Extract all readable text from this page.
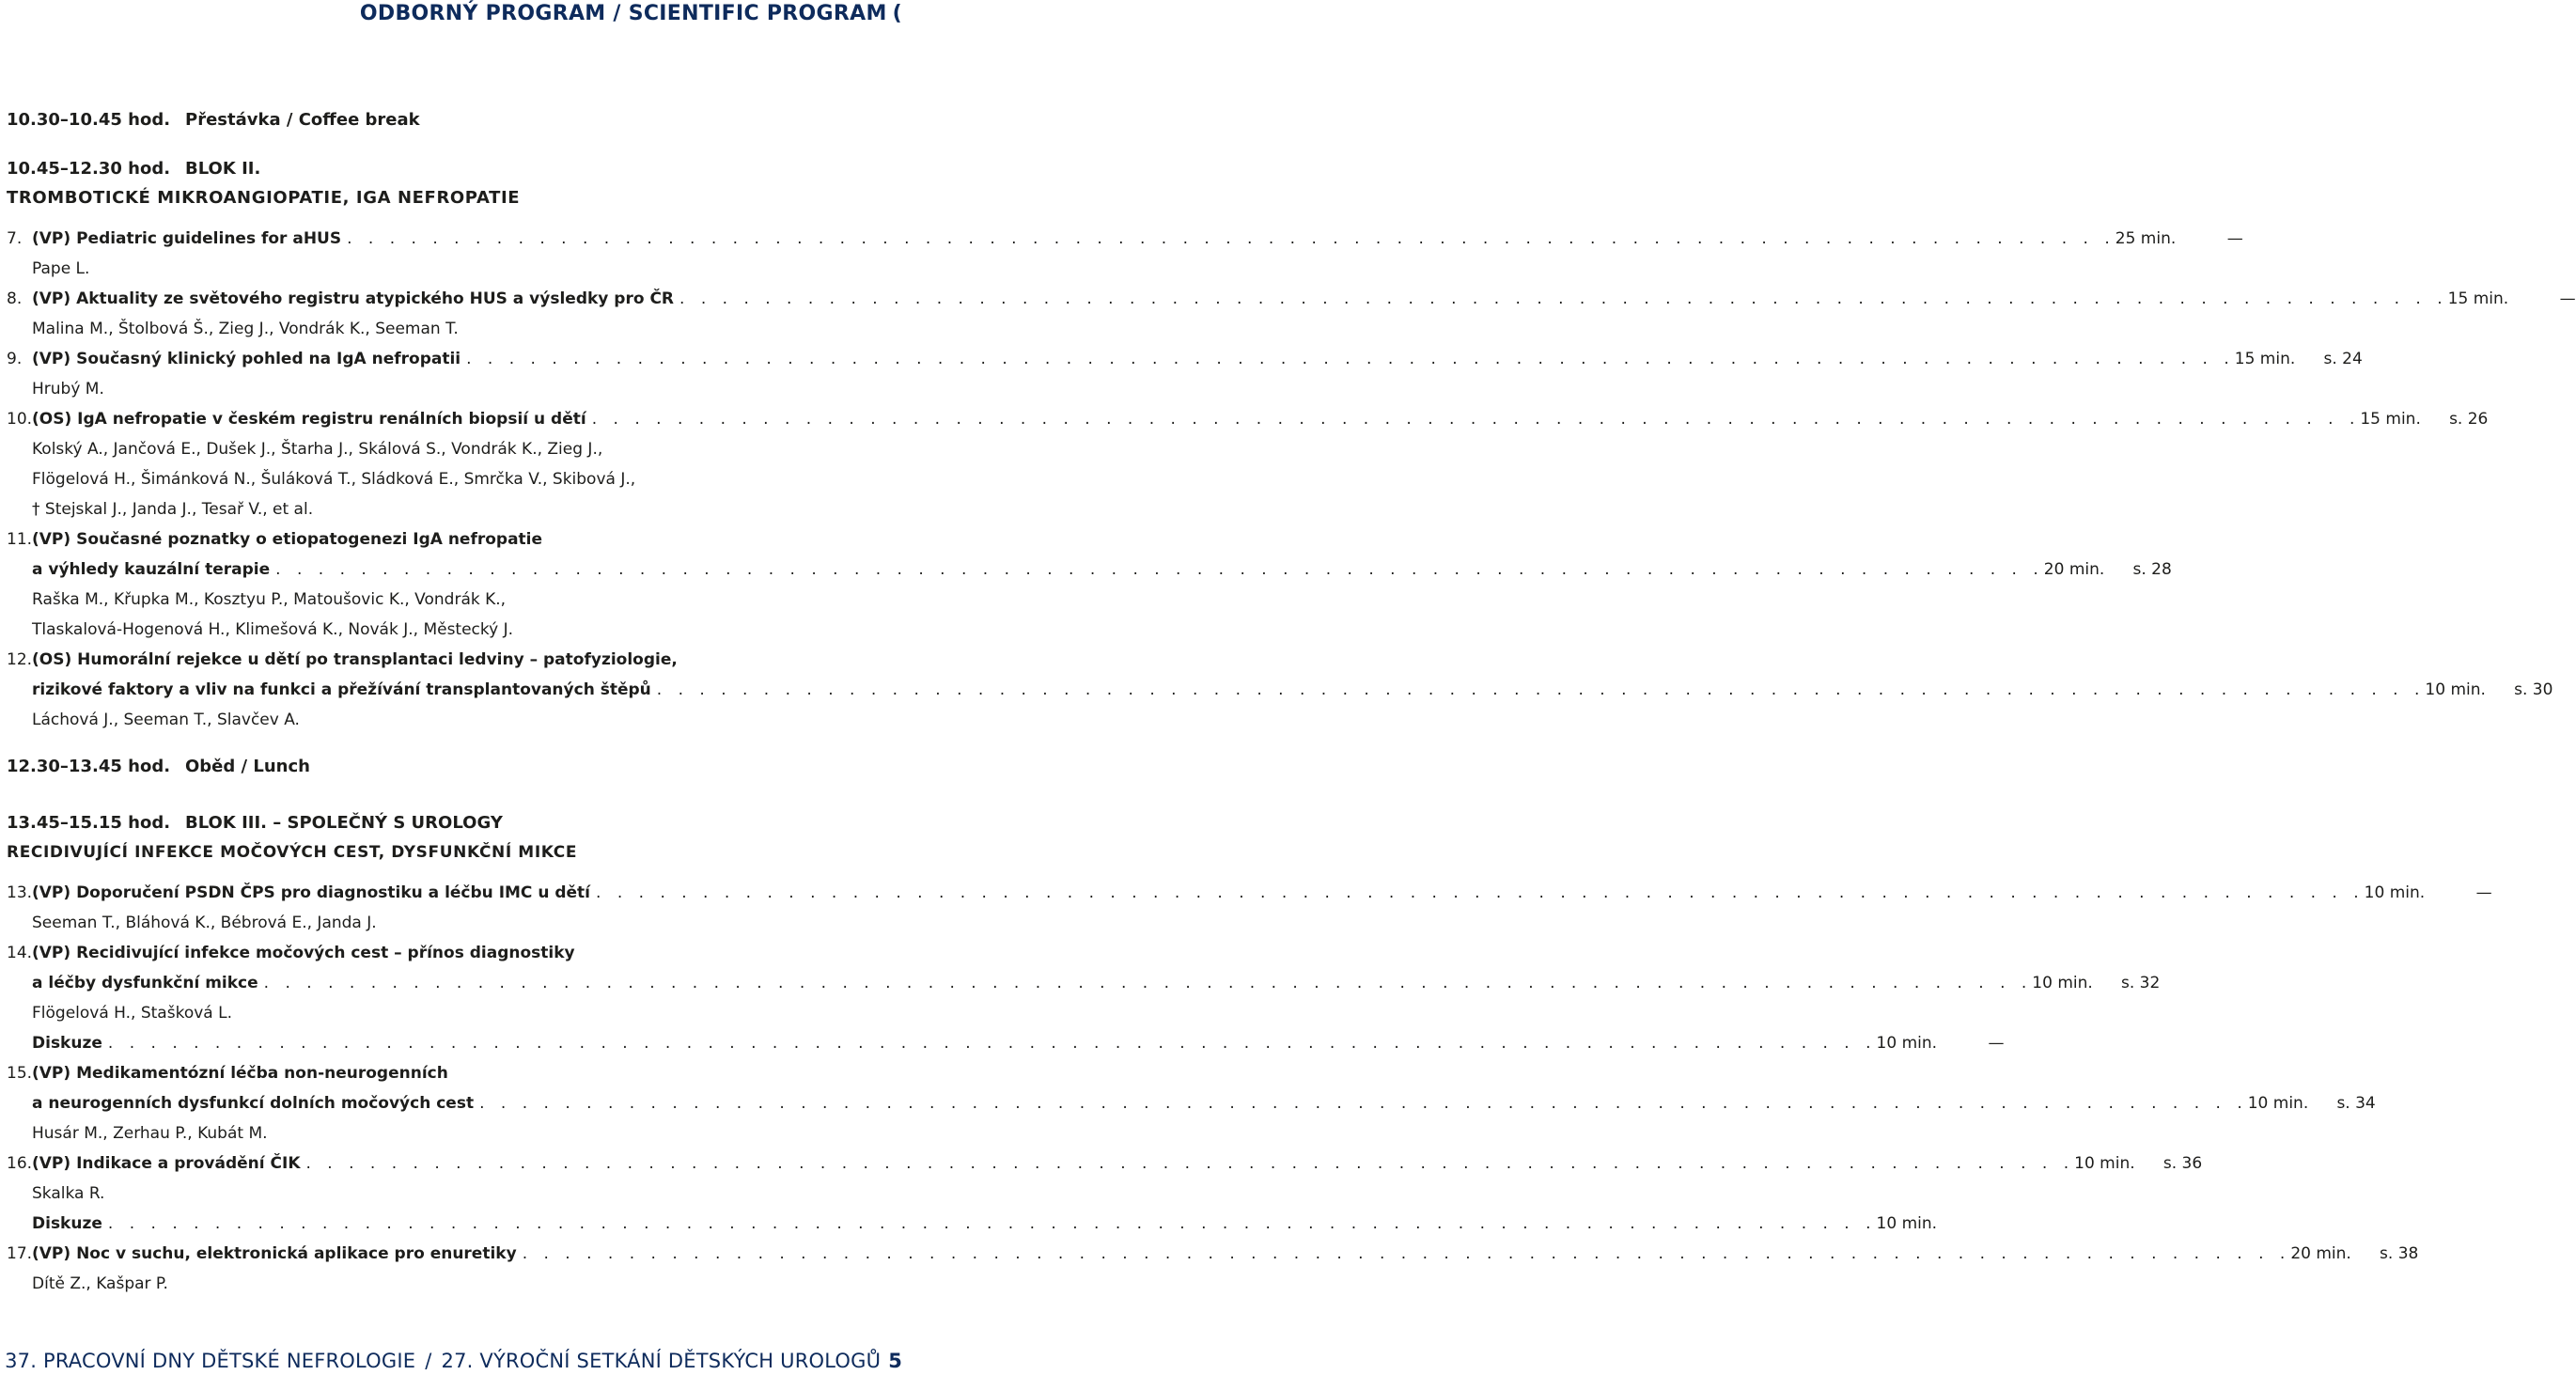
ODBORNÝ PROGRAM / SCIENTIFIC PROGRAM (
10.30–10.45 hod. Přestávka / Coffee break
10.45–12.30 hod. BLOK II.
TROMBOTICKÉ MIKROANGIOPATIE, IGA NEFROPATIE
7. (VP) Pediatric guidelines for aHUS . . . . . . . . . . . . . . . . . . . . . . . . . . . . . . . . . . . . . . . . . . . . . . . . . . . . . . . . . . . . . . . . . . . . . . . . . . . . . . . . . . . 25 min.	—
Pape L.
8. (VP) Aktuality ze světového registru atypického HUS a výsledky pro ČR . . . . . . . . . . . . . . . . . . . . . . . . . . . . . . . . . . . . . . . . . . . . . . . . . . . . . . . . . . . . . . . . . . . . . . . . . . . . . . . . . . . 15 min.	—
Malina M., Štolbová Š., Zieg J., Vondrák K., Seeman T.
9. (VP) Současný klinický pohled na IgA nefropatii . . . . . . . . . . . . . . . . . . . . . . . . . . . . . . . . . . . . . . . . . . . . . . . . . . . . . . . . . . . . . . . . . . . . . . . . . . . . . . . . . . . 15 min.	s. 24
Hrubý M.
10. (OS) IgA nefropatie v českém registru renálních biopsií u dětí . . . . . . . . . . . . . . . . . . . . . . . . . . . . . . . . . . . . . . . . . . . . . . . . . . . . . . . . . . . . . . . . . . . . . . . . . . . . . . . . . . . 15 min.	s. 26
Kolský A., Jančová E., Dušek J., Štarha J., Skálová S., Vondrák K., Zieg J.,
Flögelová H., Šimánková N., Šuláková T., Sládková E., Smrčka V., Skibová J.,
† Stejskal J., Janda J., Tesař V., et al.
11. (VP) Současné poznatky o etiopatogenezi IgA nefropatie
a výhledy kauzální terapie . . . . . . . . . . . . . . . . . . . . . . . . . . . . . . . . . . . . . . . . . . . . . . . . . . . . . . . . . . . . . . . . . . . . . . . . . . . . . . . . . . . 20 min.	s. 28
Raška M., Křupka M., Kosztyu P., Matoušovic K., Vondrák K.,
Tlaskalová-Hogenová H., Klimešová K., Novák J., Městecký J.
12. (OS) Humorální rejekce u dětí po transplantaci ledviny – patofyziologie,
rizikové faktory a vliv na funkci a přežívání transplantovaných štěpů . . . . . . . . . . . . . . . . . . . . . . . . . . . . . . . . . . . . . . . . . . . . . . . . . . . . . . . . . . . . . . . . . . . . . . . . . . . . . . . . . . . 10 min.	s. 30
Láchová J., Seeman T., Slavčev A.
12.30–13.45 hod. Oběd / Lunch
13.45–15.15 hod. BLOK III. – SPOLEČNÝ S UROLOGY
RECIDIVUJÍCÍ INFEKCE MOČOVÝCH CEST, DYSFUNKČNÍ MIKCE
13. (VP) Doporučení PSDN ČPS pro diagnostiku a léčbu IMC u dětí . . . . . . . . . . . . . . . . . . . . . . . . . . . . . . . . . . . . . . . . . . . . . . . . . . . . . . . . . . . . . . . . . . . . . . . . . . . . . . . . . . . 10 min.	—
Seeman T., Bláhová K., Bébrová E., Janda J.
14. (VP) Recidivující infekce močových cest – přínos diagnostiky
a léčby dysfunkční mikce . . . . . . . . . . . . . . . . . . . . . . . . . . . . . . . . . . . . . . . . . . . . . . . . . . . . . . . . . . . . . . . . . . . . . . . . . . . . . . . . . . . 10 min.	s. 32
Flögelová H., Stašková L.
Diskuze . . . . . . . . . . . . . . . . . . . . . . . . . . . . . . . . . . . . . . . . . . . . . . . . . . . . . . . . . . . . . . . . . . . . . . . . . . . . . . . . . . . 10 min.	—
15. (VP) Medikamentózní léčba non-neurogenních
a neurogenních dysfunkcí dolních močových cest . . . . . . . . . . . . . . . . . . . . . . . . . . . . . . . . . . . . . . . . . . . . . . . . . . . . . . . . . . . . . . . . . . . . . . . . . . . . . . . . . . . 10 min.	s. 34
Husár M., Zerhau P., Kubát M.
16. (VP) Indikace a provádění ČIK . . . . . . . . . . . . . . . . . . . . . . . . . . . . . . . . . . . . . . . . . . . . . . . . . . . . . . . . . . . . . . . . . . . . . . . . . . . . . . . . . . . 10 min.	s. 36
Skalka R.
Diskuze . . . . . . . . . . . . . . . . . . . . . . . . . . . . . . . . . . . . . . . . . . . . . . . . . . . . . . . . . . . . . . . . . . . . . . . . . . . . . . . . . . . 10 min.
17. (VP) Noc v suchu, elektronická aplikace pro enuretiky . . . . . . . . . . . . . . . . . . . . . . . . . . . . . . . . . . . . . . . . . . . . . . . . . . . . . . . . . . . . . . . . . . . . . . . . . . . . . . . . . . . 20 min.	s. 38
Dítě Z., Kašpar P.
37. PRACOVNÍ DNY DĚTSKÉ NEFROLOGIE / 27. VÝROČNÍ SETKÁNÍ DĚTSKÝCH UROLOGŮ 5
